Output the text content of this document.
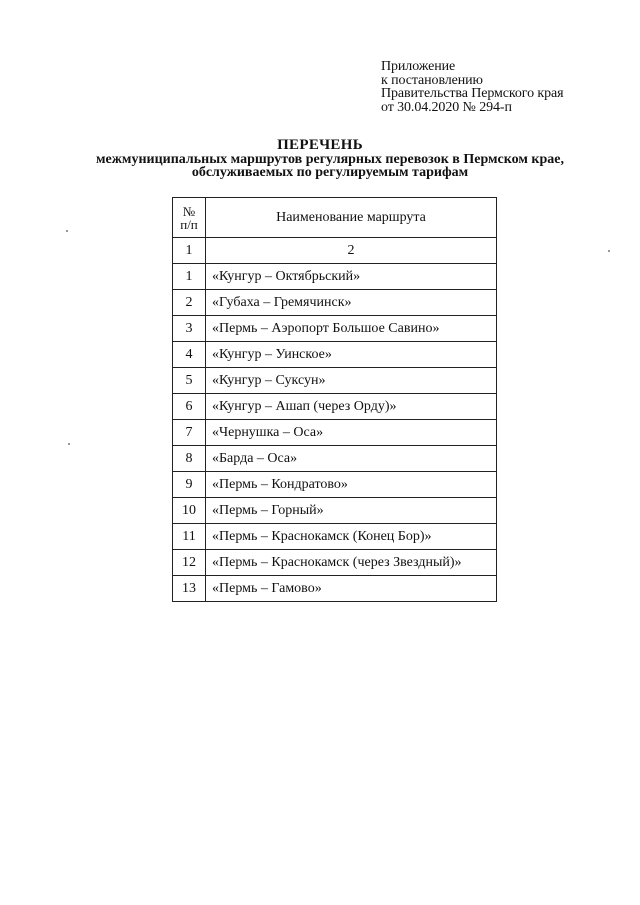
Приложение
к постановлению
Правительства Пермского края
от 30.04.2020 № 294-п
ПЕРЕЧЕНЬ
межмуниципальных маршрутов регулярных перевозок в Пермском крае,
обслуживаемых по регулируемым тарифам
№
п/п	Наименование маршрута
1	2
1	«Кунгур – Октябрьский»
2	«Губаха – Гремячинск»
3	«Пермь – Аэропорт Большое Савино»
4	«Кунгур – Уинское»
5	«Кунгур – Суксун»
6	«Кунгур – Ашап (через Орду)»
7	«Чернушка – Оса»
8	«Барда – Оса»
9	«Пермь – Кондратово»
10	«Пермь – Горный»
11	«Пермь – Краснокамск (Конец Бор)»
12	«Пермь – Краснокамск (через Звездный)»
13	«Пермь – Гамово»
